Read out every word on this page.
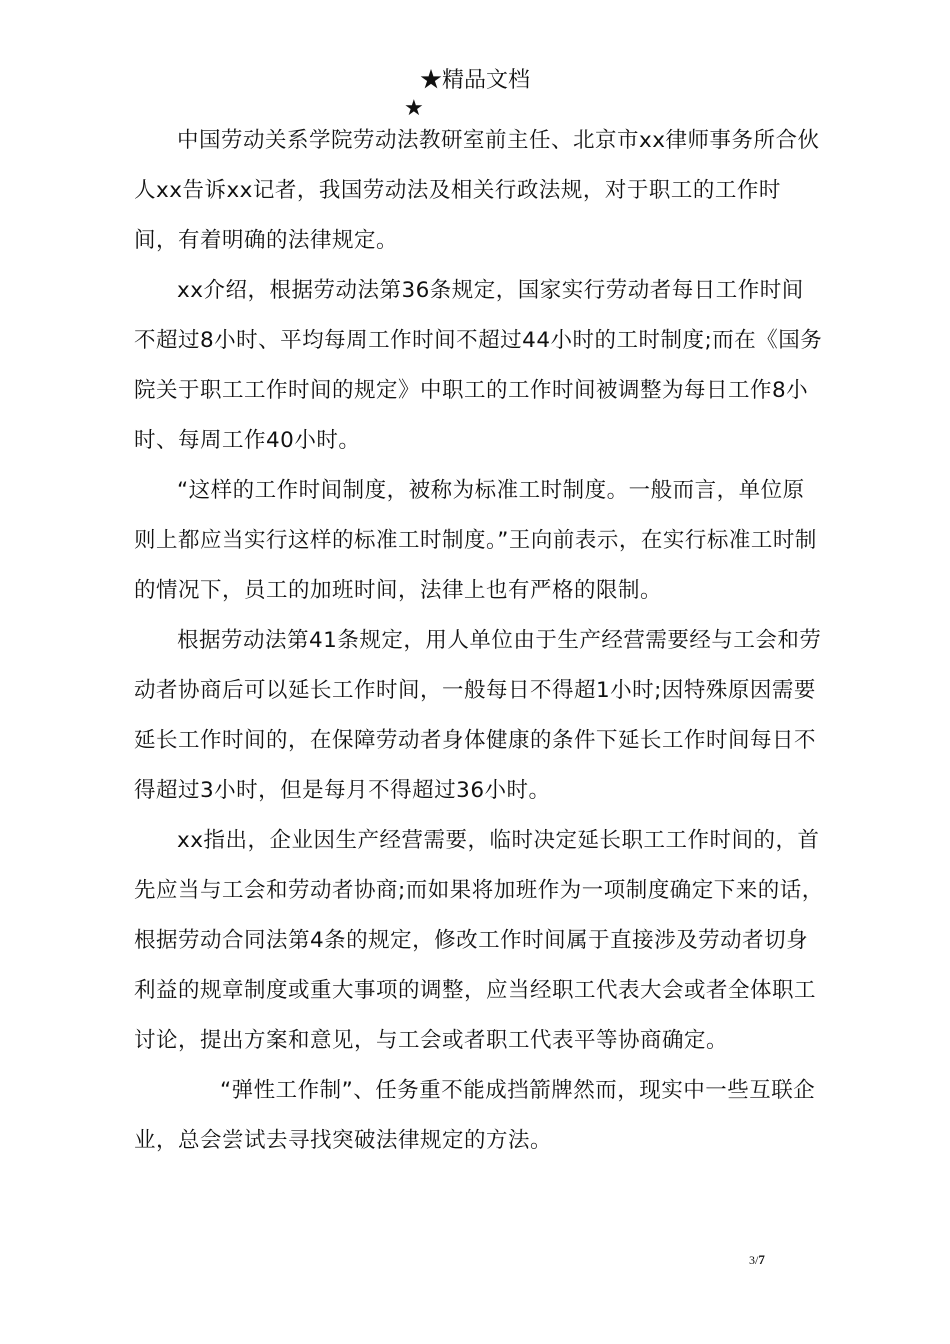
★精品文档
★

中国劳动关系学院劳动法教研室前主任、北京市xx律师事务所合伙人xx告诉xx记者，我国劳动法及相关行政法规，对于职工的工作时间，有着明确的法律规定。

xx介绍，根据劳动法第36条规定，国家实行劳动者每日工作时间不超过8小时、平均每周工作时间不超过44小时的工时制度;而在《国务院关于职工工作时间的规定》中职工的工作时间被调整为每日工作8小时、每周工作40小时。

“这样的工作时间制度，被称为标准工时制度。一般而言，单位原则上都应当实行这样的标准工时制度。”王向前表示，在实行标准工时制的情况下，员工的加班时间，法律上也有严格的限制。

根据劳动法第41条规定，用人单位由于生产经营需要经与工会和劳动者协商后可以延长工作时间，一般每日不得超1小时;因特殊原因需要延长工作时间的，在保障劳动者身体健康的条件下延长工作时间每日不得超过3小时，但是每月不得超过36小时。

xx指出，企业因生产经营需要，临时决定延长职工工作时间的，首先应当与工会和劳动者协商;而如果将加班作为一项制度确定下来的话，根据劳动合同法第4条的规定，修改工作时间属于直接涉及劳动者切身利益的规章制度或重大事项的调整，应当经职工代表大会或者全体职工讨论，提出方案和意见，与工会或者职工代表平等协商确定。

“弹性工作制”、任务重不能成挡箭牌然而，现实中一些互联企业，总会尝试去寻找突破法律规定的方法。

3/7
